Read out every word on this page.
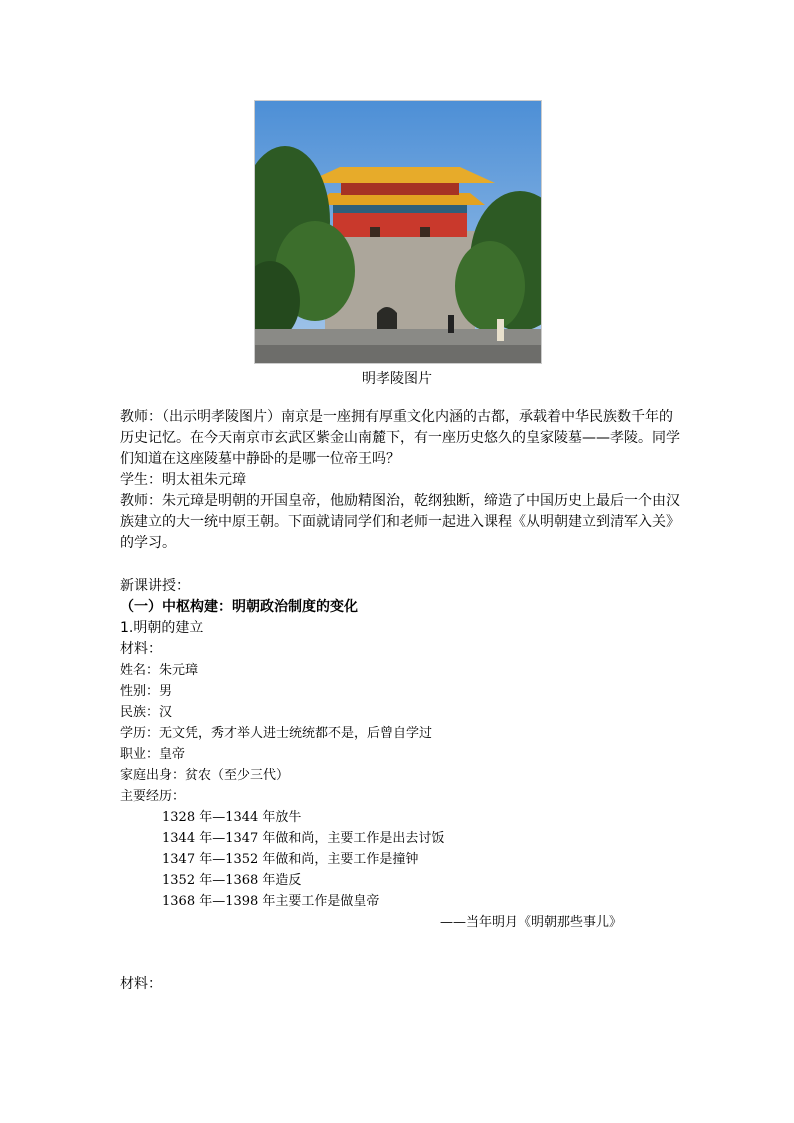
明孝陵图片

教师：（出示明孝陵图片）南京是一座拥有厚重文化内涵的古都，承载着中华民族数千年的历史记忆。在今天南京市玄武区紫金山南麓下，有一座历史悠久的皇家陵墓——孝陵。同学们知道在这座陵墓中静卧的是哪一位帝王吗？

学生：明太祖朱元璋

教师：朱元璋是明朝的开国皇帝，他励精图治，乾纲独断，缔造了中国历史上最后一个由汉族建立的大一统中原王朝。下面就请同学们和老师一起进入课程《从明朝建立到清军入关》的学习。

新课讲授：
（一）中枢构建：明朝政治制度的变化
1.明朝的建立
材料：
姓名：朱元璋
性别：男
民族：汉
学历：无文凭，秀才举人进士统统都不是，后曾自学过
职业：皇帝
家庭出身：贫农（至少三代）
主要经历：
1328 年—1344 年放牛
1344 年—1347 年做和尚，主要工作是出去讨饭
1347 年—1352 年做和尚，主要工作是撞钟
1352 年—1368 年造反
1368 年—1398 年主要工作是做皇帝
——当年明月《明朝那些事儿》
材料：
